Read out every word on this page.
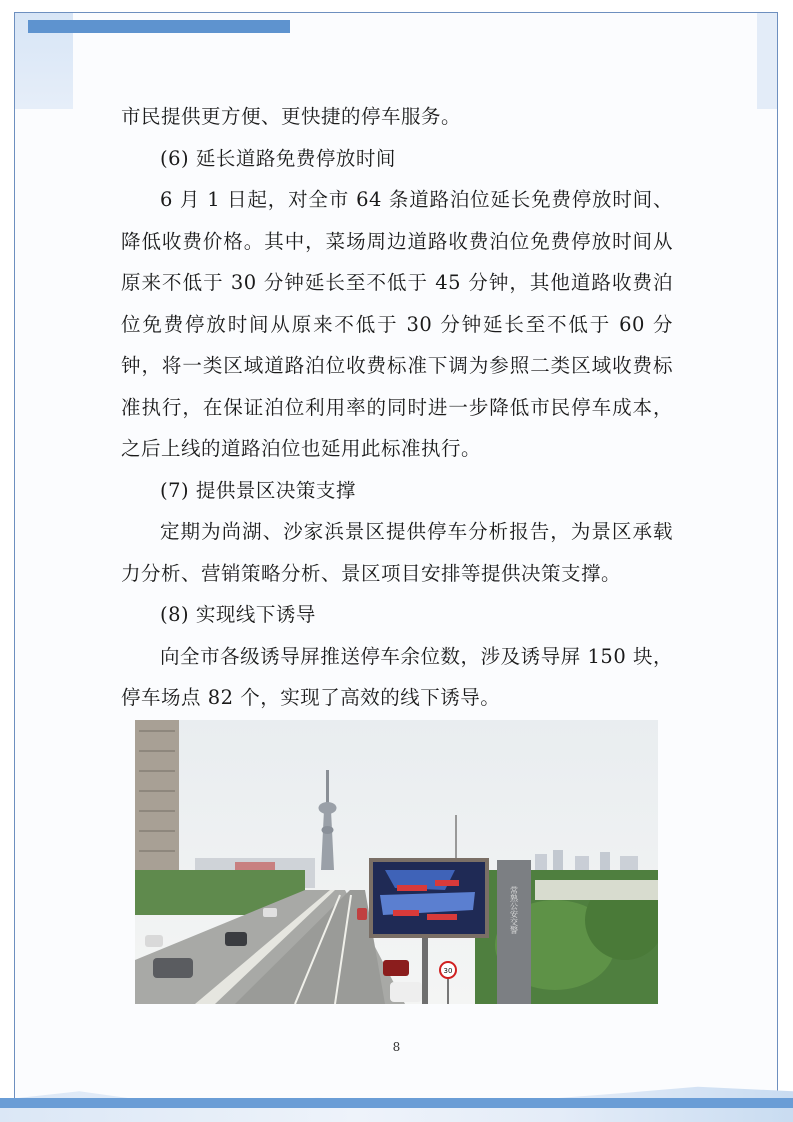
市民提供更方便、更快捷的停车服务。

(6) 延长道路免费停放时间

6 月 1 日起，对全市 64 条道路泊位延长免费停放时间、降低收费价格。其中，菜场周边道路收费泊位免费停放时间从原来不低于 30 分钟延长至不低于 45 分钟，其他道路收费泊位免费停放时间从原来不低于 30 分钟延长至不低于 60 分钟，将一类区域道路泊位收费标准下调为参照二类区域收费标准执行，在保证泊位利用率的同时进一步降低市民停车成本，之后上线的道路泊位也延用此标准执行。

(7) 提供景区决策支撑

定期为尚湖、沙家浜景区提供停车分析报告，为景区承载力分析、营销策略分析、景区项目安排等提供决策支撑。

(8) 实现线下诱导

向全市各级诱导屏推送停车余位数，涉及诱导屏 150 块，停车场点 82 个，实现了高效的线下诱导。

常熟公安交警
30
8
